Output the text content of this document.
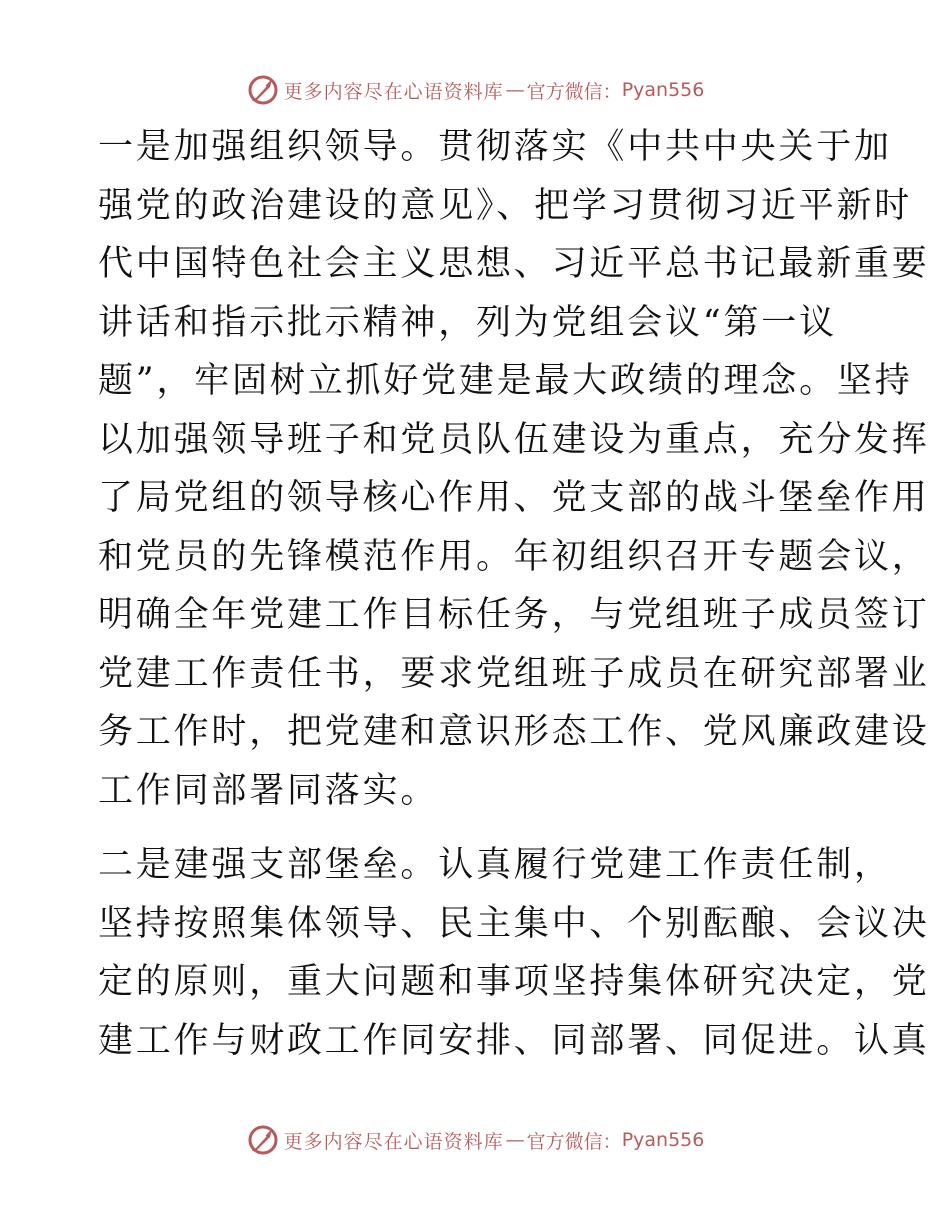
更多内容尽在心语资料库 — 官方微信： Pyan556

一是加强组织领导。贯彻落实《中共中央关于加
强党的政治建设的意见》、把学习贯彻习近平新时
代中国特色社会主义思想、习近平总书记最新重要
讲话和指示批示精神，列为党组会议“第一议
题”，牢固树立抓好党建是最大政绩的理念。坚持
以加强领导班子和党员队伍建设为重点，充分发挥
了局党组的领导核心作用、党支部的战斗堡垒作用
和党员的先锋模范作用。年初组织召开专题会议，
明确全年党建工作目标任务，与党组班子成员签订
党建工作责任书，要求党组班子成员在研究部署业
务工作时，把党建和意识形态工作、党风廉政建设
工作同部署同落实。

二是建强支部堡垒。认真履行党建工作责任制，
坚持按照集体领导、民主集中、个别酝酿、会议决
定的原则，重大问题和事项坚持集体研究决定，党
建工作与财政工作同安排、同部署、同促进。认真

更多内容尽在心语资料库 — 官方微信： Pyan556
